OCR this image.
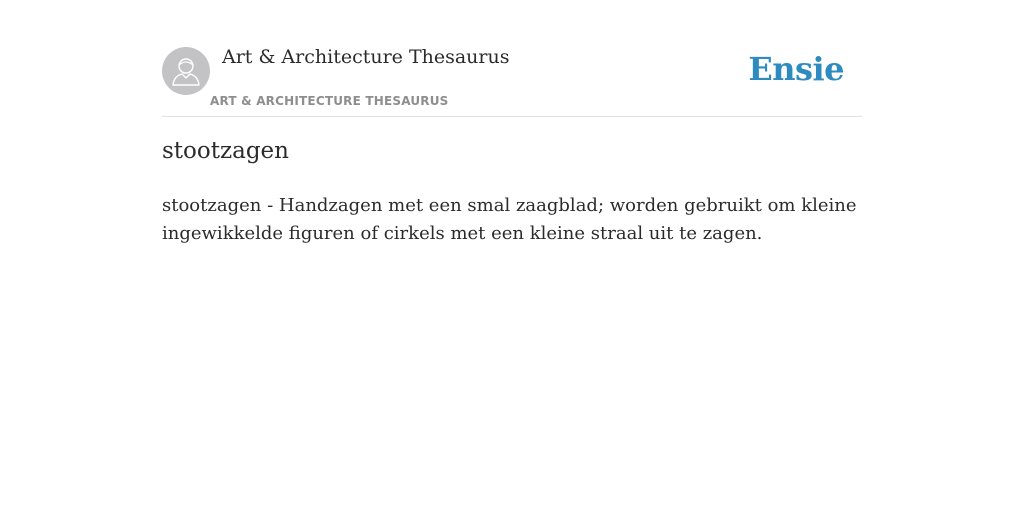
Art & Architecture Thesaurus
ART & ARCHITECTURE THESAURUS
Ensie
stootzagen

stootzagen - Handzagen met een smal zaagblad; worden gebruikt om kleine ingewikkelde figuren of cirkels met een kleine straal uit te zagen.
